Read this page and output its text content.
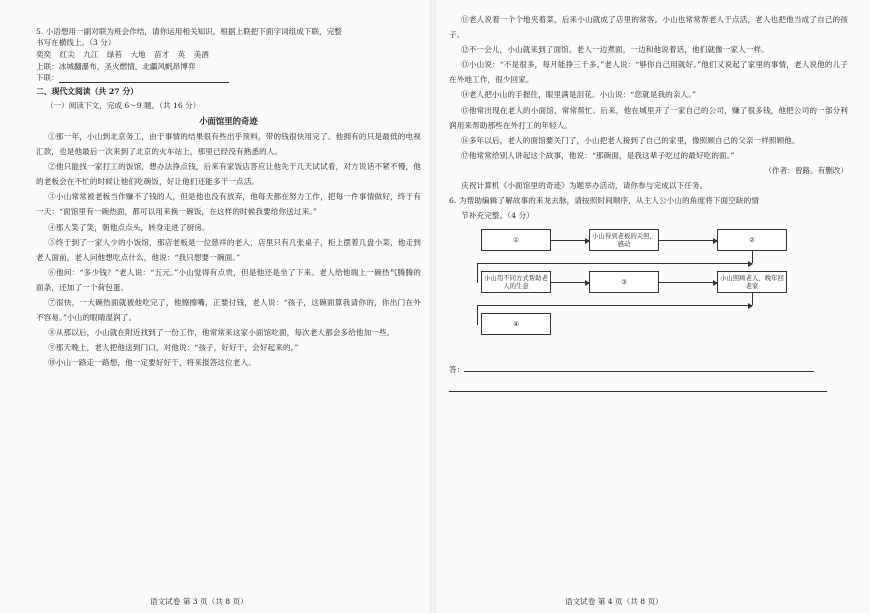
5. 小语想用一副对联为班会作结，请你运用相关知识，根据上联把下面字词组成下联，完整

书写在横线上。（3 分）

奕奕 红尖 九江 绿苔 大地 苗才 英 美酒

上联：冰城翻瀑布，圣火燃情，北疆风帆昂博弈

下联：

二、现代文阅读（共 27 分）

（一）阅读下文，完成 6～9 题。（共 16 分）

小面馆里的奇迹

①那一年，小山到北京务工，由于事情的结果很有些出乎预料，带的钱很快用完了。他拥有的只是最低的电视汇款，也是他最后一次来到了北京的火车站上，那里已经没有熟悉的人。

②他只能找一家打工的饭馆，想办法挣点钱，后来有家饭店答应让他先干几天试试看，对方说话不紧不慢，他的老板会在不忙的时候让他们吃碗饭，好让他们还能多干一点活。

③小山常常被老板当作赚不了钱的人，但是他也没有放弃，他每天都在努力工作，把每一件事情做好，终于有一天：“面馆里有一碗热面，都可以用来换一碗饭，在这样的时候我要给你送过来。”

④那人笑了笑，朝他点点头，转身走进了厨房。

⑤终于到了一家人少的小饭馆，那店老板是一位慈祥的老人，店里只有几张桌子，柜上摆着几盘小菜，他走到老人面前，老人问他想吃点什么，他说：“我只想要一碗面。”

⑥他问：“多少钱？”老人说：“五元。”小山觉得有点贵，但是他还是坐了下来。老人给他端上一碗热气腾腾的面条，还加了一个荷包蛋。

⑦很快，一大碗热面就被他吃完了，他擦擦嘴，正要付钱，老人说：“孩子，这碗面算我请你的，你出门在外不容易。”小山的眼睛湿润了。

⑧从那以后，小山就在附近找到了一份工作，他常常来这家小面馆吃面，每次老人都会多给他加一些。

⑨那天晚上，老人把他送到门口，对他说：“孩子，好好干，会好起来的。”

⑩小山一路走一路想，他一定要好好干，将来报答这位老人。

语文试卷 第 3 页（共 8 页）

⑪老人说着一个个地夹着菜，后来小山就成了店里的常客。小山也常常帮老人干点活，老人也把他当成了自己的孩子。

⑫不一会儿，小山就来到了面馆。老人一边煮面，一边和他说着话，他们就像一家人一样。

⑬小山说：“不是很多，每月能挣三千多。”老人说：“够你自己用就好。”他们又说起了家里的事情，老人说他的儿子在外地工作，很少回家。

⑭老人把小山的手握住，眼里满是泪花。小山说：“您就是我的亲人。”

⑮他常出现在老人的小面馆，常常帮忙。后来，他在城里开了一家自己的公司，赚了很多钱，他把公司的一部分利润用来帮助那些在外打工的年轻人。

⑯多年以后，老人的面馆要关门了，小山把老人接到了自己的家里，像照顾自己的父亲一样照顾他。

⑰他常常给别人讲起这个故事，他说：“那碗面，是我这辈子吃过的最好吃的面。”

（作者：曾路。有删改）

庆祝计算机《小面馆里的奇迹》为题举办活动，请你参与完成以下任务。

6. 为帮助编辑了解故事的来龙去脉，请按照时间顺序，从主人公小山的角度将下面空缺的情

节补充完整。（4 分）

①	小山得到老板的关照，感动	②
小山用不同方式帮助老人的生意	③	小山照顾老人，晚年回老家
④
答：
语文试卷 第 4 页（共 8 页）
